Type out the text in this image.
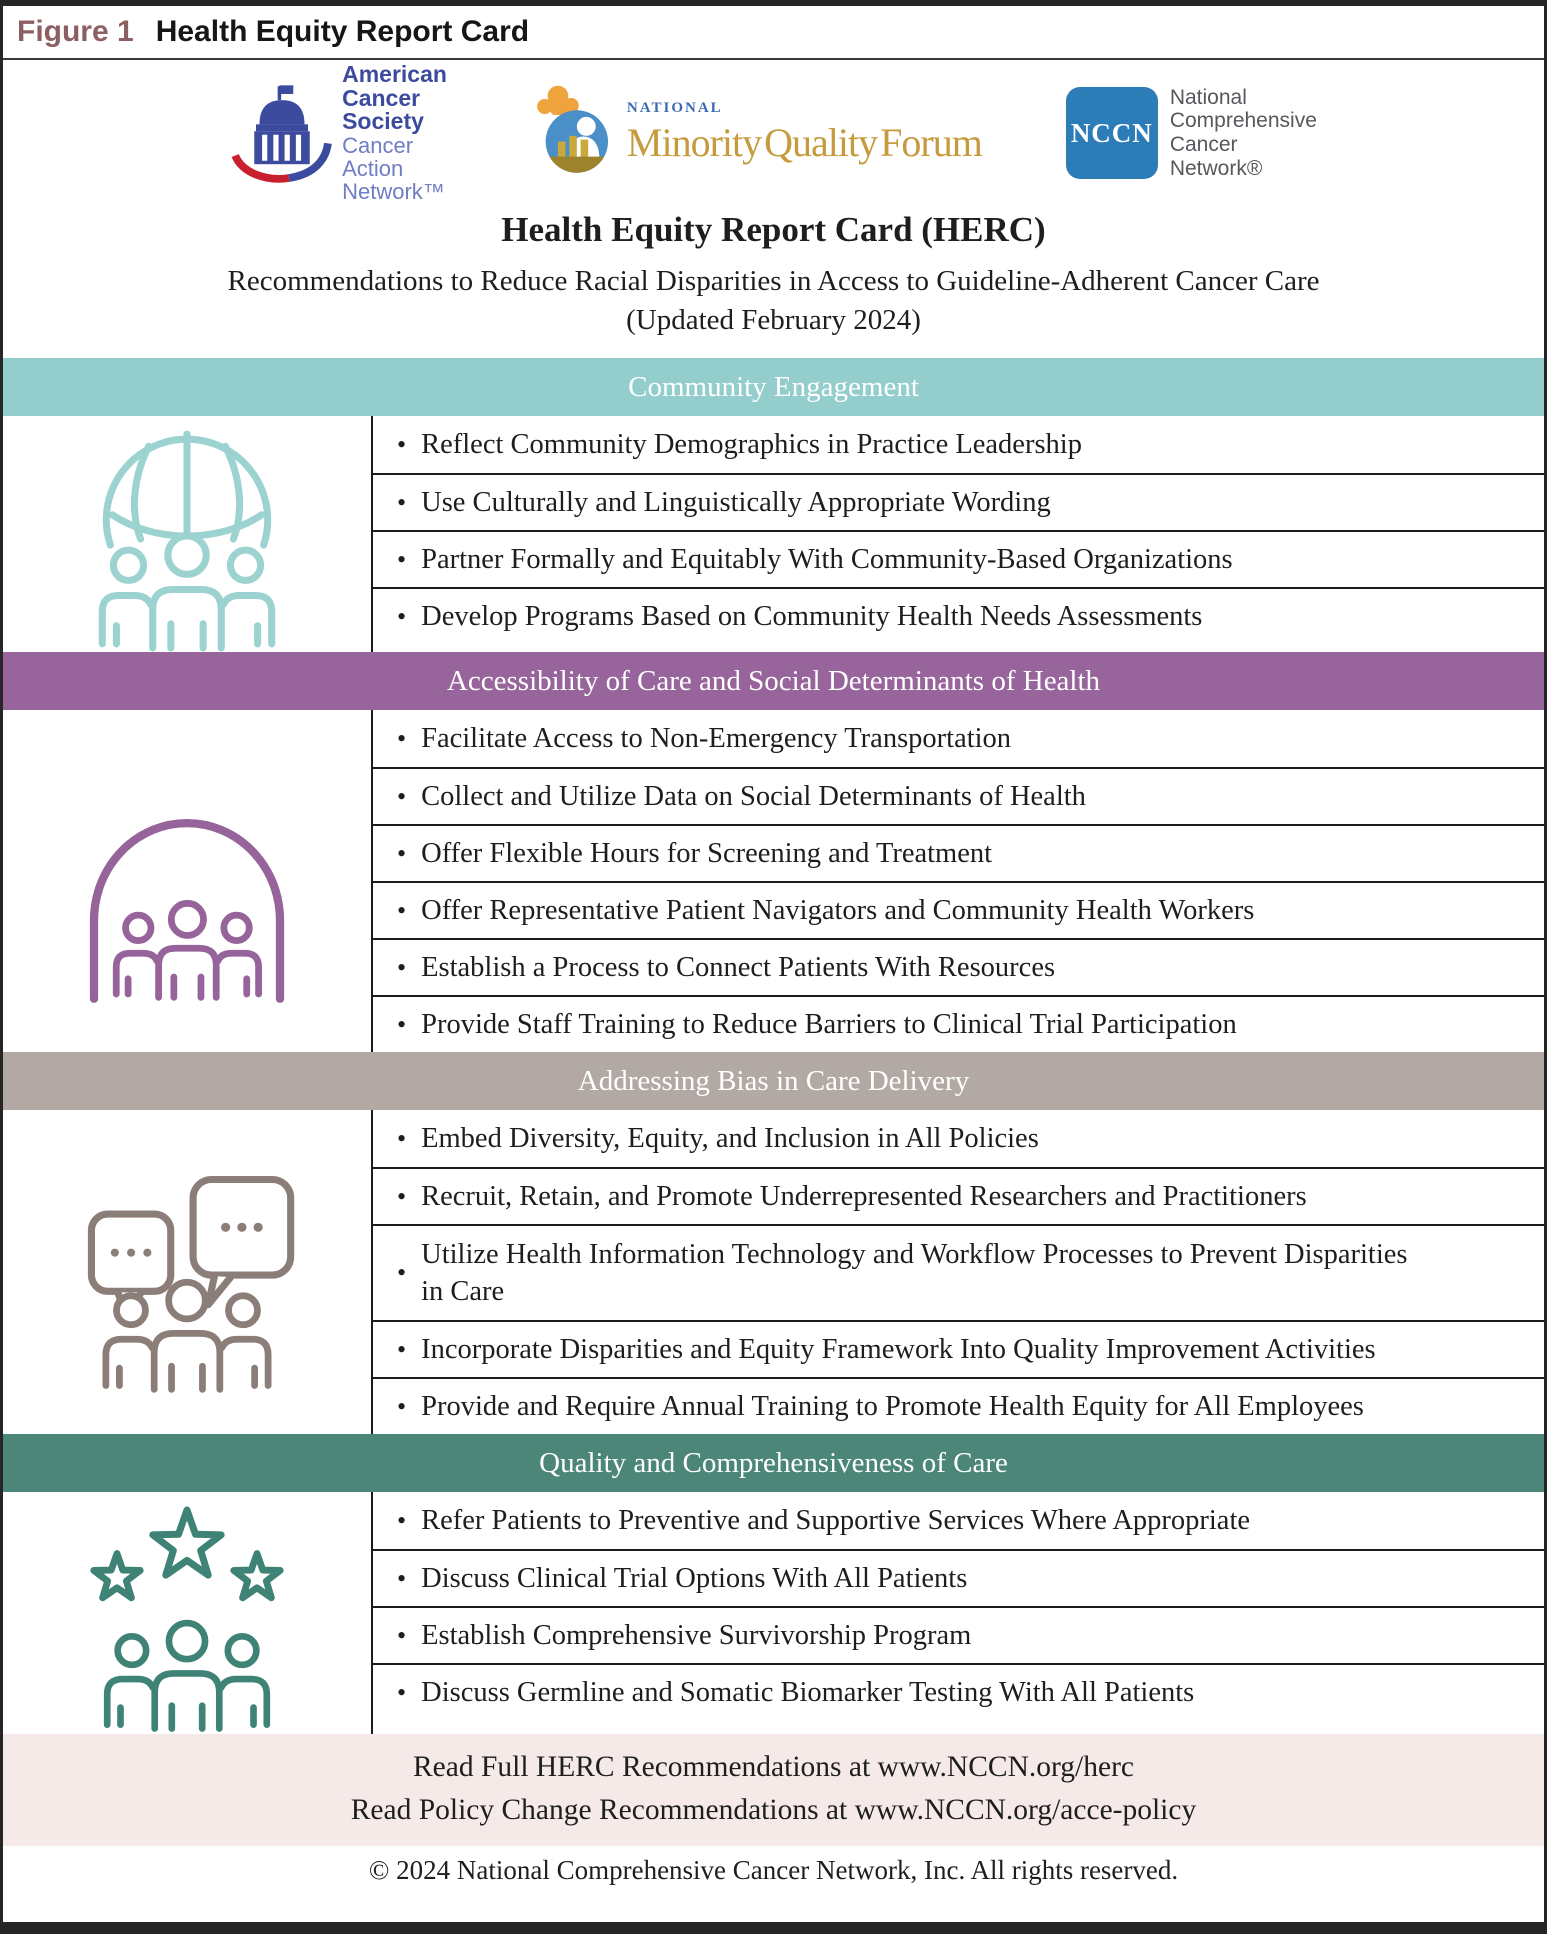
Figure 1 Health Equity Report Card
American
Cancer
Society
Cancer
Action
Network™
NATIONAL
Minority Quality Forum	NCCN
National
Comprehensive
Cancer
Network®
Health Equity Report Card (HERC)
Recommendations to Reduce Racial Disparities in Access to Guideline-Adherent Cancer Care
(Updated February 2024)
Community Engagement
• Reflect Community Demographics in Practice Leadership
• Use Culturally and Linguistically Appropriate Wording
• Partner Formally and Equitably With Community-Based Organizations
• Develop Programs Based on Community Health Needs Assessments
Accessibility of Care and Social Determinants of Health
• Facilitate Access to Non-Emergency Transportation
• Collect and Utilize Data on Social Determinants of Health
• Offer Flexible Hours for Screening and Treatment
• Offer Representative Patient Navigators and Community Health Workers
• Establish a Process to Connect Patients With Resources
• Provide Staff Training to Reduce Barriers to Clinical Trial Participation
Addressing Bias in Care Delivery
• Embed Diversity, Equity, and Inclusion in All Policies
• Recruit, Retain, and Promote Underrepresented Researchers and Practitioners
• Utilize Health Information Technology and Workflow Processes to Prevent Disparities in Care
• Incorporate Disparities and Equity Framework Into Quality Improvement Activities
• Provide and Require Annual Training to Promote Health Equity for All Employees
Quality and Comprehensiveness of Care
• Refer Patients to Preventive and Supportive Services Where Appropriate
• Discuss Clinical Trial Options With All Patients
• Establish Comprehensive Survivorship Program
• Discuss Germline and Somatic Biomarker Testing With All Patients
Read Full HERC Recommendations at www.NCCN.org/herc
Read Policy Change Recommendations at www.NCCN.org/acce-policy
© 2024 National Comprehensive Cancer Network, Inc. All rights reserved.
